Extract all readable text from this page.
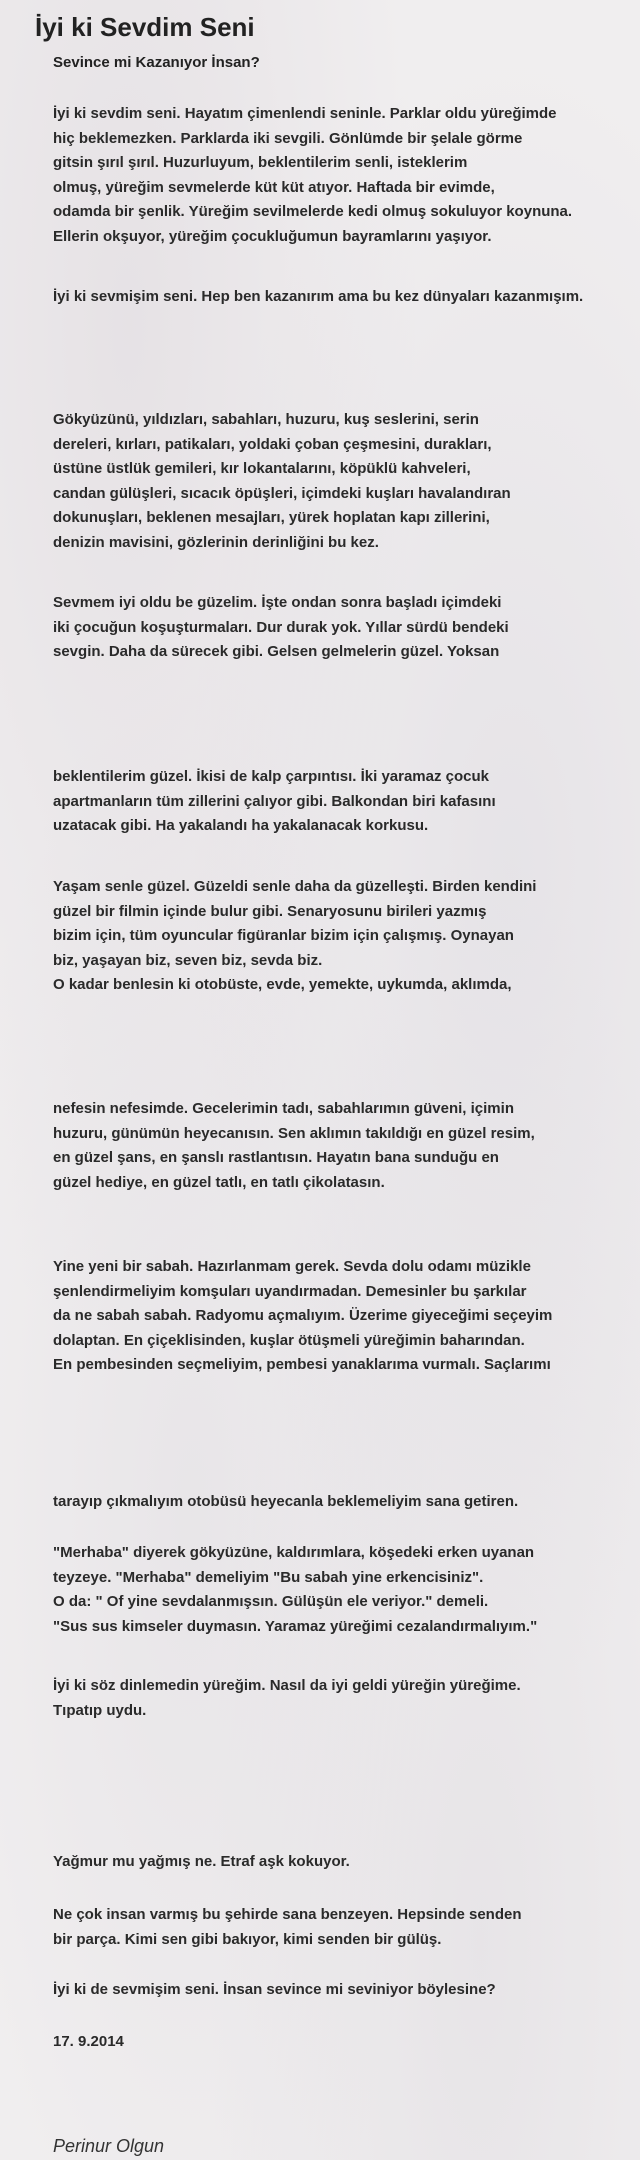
İyi ki Sevdim Seni
Sevince mi Kazanıyor İnsan?

İyi ki sevdim seni. Hayatım çimenlendi seninle. Parklar oldu yüreğimde
hiç beklemezken. Parklarda iki sevgili. Gönlümde bir şelale görme
gitsin şırıl şırıl. Huzurluyum, beklentilerim senli, isteklerim
olmuş, yüreğim sevmelerde küt küt atıyor. Haftada bir evimde,
odamda bir şenlik. Yüreğim sevilmelerde kedi olmuş sokuluyor koynuna.
Ellerin okşuyor, yüreğim çocukluğumun bayramlarını yaşıyor.

İyi ki sevmişim seni. Hep ben kazanırım ama bu kez dünyaları kazanmışım.

Gökyüzünü, yıldızları, sabahları, huzuru, kuş seslerini, serin
dereleri, kırları, patikaları, yoldaki çoban çeşmesini, durakları,
üstüne üstlük gemileri, kır lokantalarını, köpüklü kahveleri,
candan gülüşleri, sıcacık öpüşleri, içimdeki kuşları havalandıran
dokunuşları, beklenen mesajları, yürek hoplatan kapı zillerini,
denizin mavisini, gözlerinin derinliğini bu kez.

Sevmem iyi oldu be güzelim. İşte ondan sonra başladı içimdeki
iki çocuğun koşuşturmaları. Dur durak yok. Yıllar sürdü bendeki
sevgin. Daha da sürecek gibi. Gelsen gelmelerin güzel. Yoksan

beklentilerim güzel. İkisi de kalp çarpıntısı. İki yaramaz çocuk
apartmanların tüm zillerini çalıyor gibi. Balkondan biri kafasını
uzatacak gibi. Ha yakalandı ha yakalanacak korkusu.

Yaşam senle güzel. Güzeldi senle daha da güzelleşti. Birden kendini
güzel bir filmin içinde bulur gibi. Senaryosunu birileri yazmış
bizim için, tüm oyuncular figüranlar bizim için çalışmış. Oynayan
biz, yaşayan biz, seven biz, sevda biz.

O kadar benlesin ki otobüste, evde, yemekte, uykumda, aklımda,

nefesin nefesimde. Gecelerimin tadı, sabahlarımın güveni, içimin
huzuru, günümün heyecanısın. Sen aklımın takıldığı en güzel resim,
en güzel şans, en şanslı rastlantısın. Hayatın bana sunduğu en
güzel hediye, en güzel tatlı, en tatlı çikolatasın.

Yine yeni bir sabah. Hazırlanmam gerek. Sevda dolu odamı müzikle
şenlendirmeliyim komşuları uyandırmadan. Demesinler bu şarkılar
da ne sabah sabah. Radyomu açmalıyım. Üzerime giyeceğimi seçeyim
dolaptan. En çiçeklisinden, kuşlar ötüşmeli yüreğimin baharından.
En pembesinden seçmeliyim, pembesi yanaklarıma vurmalı. Saçlarımı

tarayıp çıkmalıyım otobüsü heyecanla beklemeliyim sana getiren.

"Merhaba" diyerek gökyüzüne, kaldırımlara, köşedeki erken uyanan
teyzeye. "Merhaba" demeliyim "Bu sabah yine erkencisiniz".
O da: " Of yine sevdalanmışsın. Gülüşün ele veriyor." demeli.
"Sus sus kimseler duymasın. Yaramaz yüreğimi cezalandırmalıyım."

İyi ki söz dinlemedin yüreğim. Nasıl da iyi geldi yüreğin yüreğime.
Tıpatıp uydu.

Yağmur mu yağmış ne. Etraf aşk kokuyor.

Ne çok insan varmış bu şehirde sana benzeyen. Hepsinde senden
bir parça. Kimi sen gibi bakıyor, kimi senden bir gülüş.

İyi ki de sevmişim seni. İnsan sevince mi seviniyor böylesine?

17. 9.2014

Perinur Olgun
